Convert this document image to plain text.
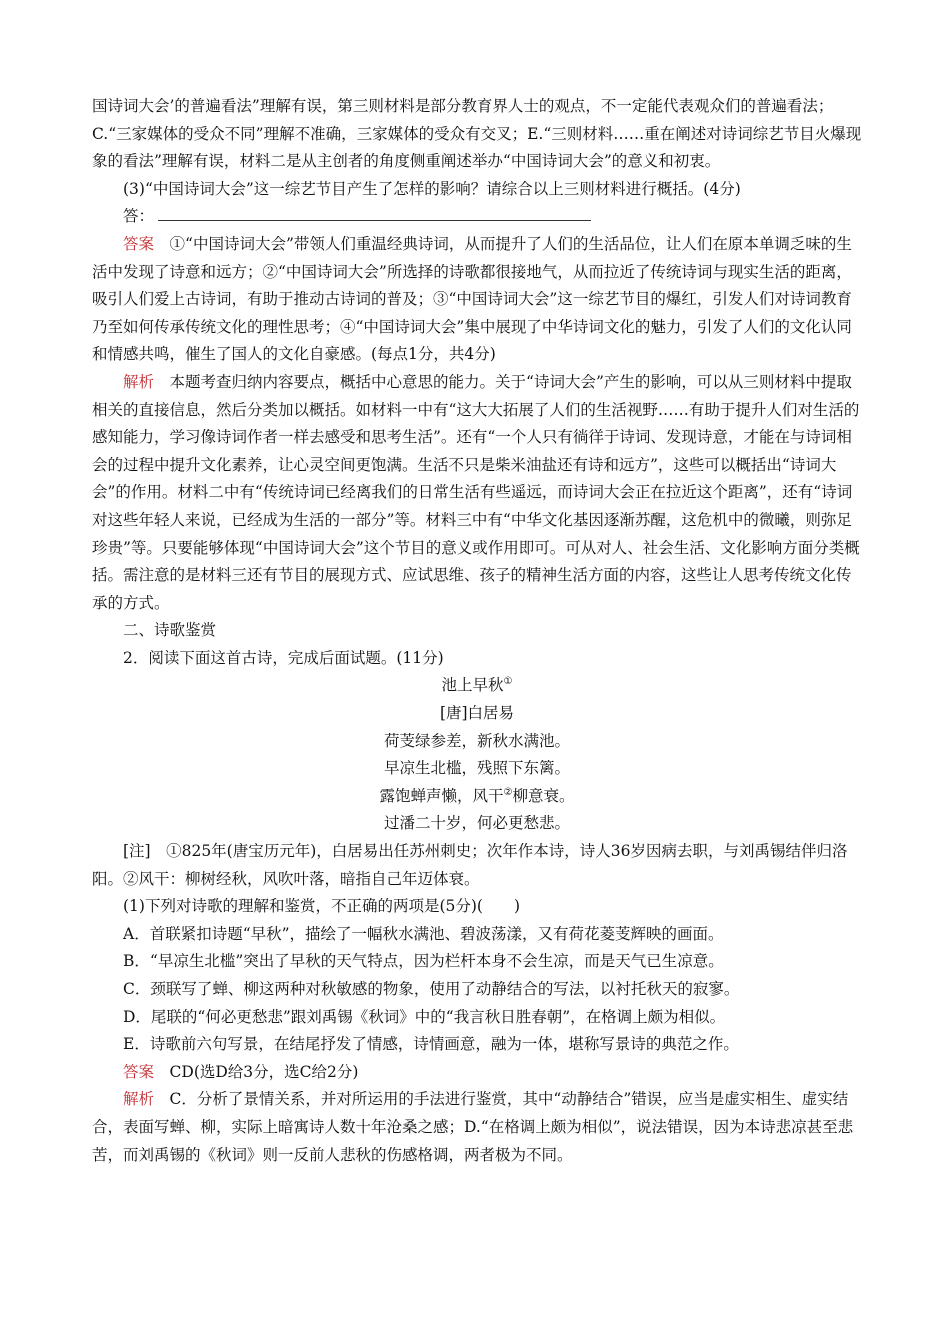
国诗词大会’的普遍看法”理解有误，第三则材料是部分教育界人士的观点，不一定能代表观众们的普遍看法；C.“三家媒体的受众不同”理解不准确，三家媒体的受众有交叉；E.“三则材料……重在阐述对诗词综艺节目火爆现象的看法”理解有误，材料二是从主创者的角度侧重阐述举办“中国诗词大会”的意义和初衷。

(3)“中国诗词大会”这一综艺节目产生了怎样的影响？请综合以上三则材料进行概括。(4分)

答：

答案　 ①“中国诗词大会”带领人们重温经典诗词，从而提升了人们的生活品位，让人们在原本单调乏味的生活中发现了诗意和远方；②“中国诗词大会”所选择的诗歌都很接地气，从而拉近了传统诗词与现实生活的距离，吸引人们爱上古诗词，有助于推动古诗词的普及；③“中国诗词大会”这一综艺节目的爆红，引发人们对诗词教育乃至如何传承传统文化的理性思考；④“中国诗词大会”集中展现了中华诗词文化的魅力，引发了人们的文化认同和情感共鸣，催生了国人的文化自豪感。(每点1分，共4分)

解析　 本题考查归纳内容要点，概括中心意思的能力。关于“诗词大会”产生的影响，可以从三则材料中提取相关的直接信息，然后分类加以概括。如材料一中有“这大大拓展了人们的生活视野……有助于提升人们对生活的感知能力，学习像诗词作者一样去感受和思考生活”。还有“一个人只有徜徉于诗词、发现诗意，才能在与诗词相会的过程中提升文化素养，让心灵空间更饱满。生活不只是柴米油盐还有诗和远方”，这些可以概括出“诗词大会”的作用。材料二中有“传统诗词已经离我们的日常生活有些遥远，而诗词大会正在拉近这个距离”，还有“诗词对这些年轻人来说，已经成为生活的一部分”等。材料三中有“中华文化基因逐渐苏醒，这危机中的微曦，则弥足珍贵”等。只要能够体现“中国诗词大会”这个节目的意义或作用即可。可从对人、社会生活、文化影响方面分类概括。需注意的是材料三还有节目的展现方式、应试思维、孩子的精神生活方面的内容，这些让人思考传统文化传承的方式。

二、诗歌鉴赏

2．阅读下面这首古诗，完成后面试题。(11分)

池上早秋①

[唐]白居易

荷芰绿参差，新秋水满池。

早凉生北槛，残照下东篱。

露饱蝉声懒，风干②柳意衰。

过潘二十岁，何必更愁悲。

[注]　①825年(唐宝历元年)，白居易出任苏州刺史；次年作本诗，诗人36岁因病去职，与刘禹锡结伴归洛阳。②风干：柳树经秋，风吹叶落，暗指自己年迈体衰。

(1)下列对诗歌的理解和鉴赏，不正确的两项是(5分)(　　)

A．首联紧扣诗题“早秋”，描绘了一幅秋水满池、碧波荡漾，又有荷花菱芰辉映的画面。

B．“早凉生北槛”突出了早秋的天气特点，因为栏杆本身不会生凉，而是天气已生凉意。

C．颈联写了蝉、柳这两种对秋敏感的物象，使用了动静结合的写法，以衬托秋天的寂寥。

D．尾联的“何必更愁悲”跟刘禹锡《秋词》中的“我言秋日胜春朝”，在格调上颇为相似。

E．诗歌前六句写景，在结尾抒发了情感，诗情画意，融为一体，堪称写景诗的典范之作。

答案　 CD(选D给3分，选C给2分)

解析　 C．分析了景情关系，并对所运用的手法进行鉴赏，其中“动静结合”错误，应当是虚实相生、虚实结合，表面写蝉、柳，实际上暗寓诗人数十年沧桑之感；D.“在格调上颇为相似”，说法错误，因为本诗悲凉甚至悲苦，而刘禹锡的《秋词》则一反前人悲秋的伤感格调，两者极为不同。
